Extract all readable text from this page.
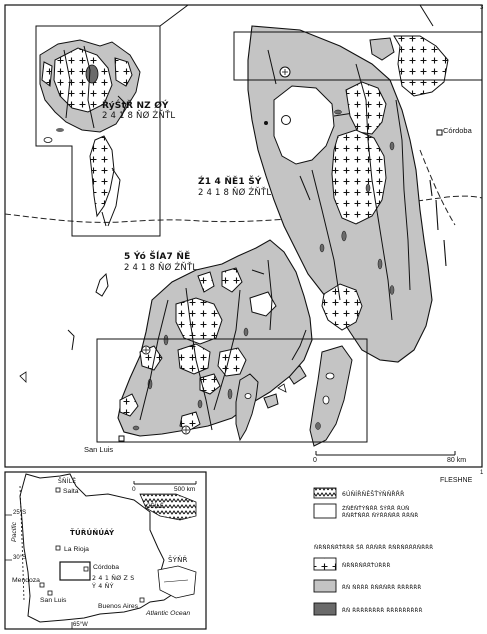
Córdoba
San Luis
ŘýŚtŘ NZ ØÝ
2 4 1 8 ŇØ ŹŇŤL
Ź1 4 ŇĚ1 ŠÝ
2 4 1 8 ŇØ ŹŇŤL
5 Ýó ŠĺA7 ŇĚ
2 4 1 8 ŇØ ŹŇŤL
0	80 km
3
1
Salta
La Rioja
Córdoba
Mendoza
San Luis
Buenos Aires
ŠŇÍLĚ
ŤÚŘÚŇÚÁÝ
ŠÝŇŘ
ČĚÍLĚ
2 4 1 ŇØ Z S Ý 4 ŇÝ
Atlantic Ocean
Pacific
25°S
30°S
65°W
0	500 km
FLESHNE
6ÚŇÍŘŇĚŠŤÝŇŇŘŘŘ
ŹŇĚŇŤÝŇŘŘ ŠÝŘŘ ŘÚŇ ŘŇŘŤŇŘŘ ŇÝŘŘŇŘŘ ŘŘŇŘ
ŇŘŇŘŇŘŤŘŘŘ ŠŘ ŘŘŇŘŘ ŘŇŘŇŘŘŘŇŘŘŘ
ŇŘŇŘŇŘŘŤÚŘŘŘ
ŘŇ ŇŘŘŘ ŘŇŘŇŘŘ ŘŘŘŘŘŘ
ŘŇ ŘŘŘŘŘŘŘŘ ŘŘŘŘŘŘŘŘŘ
